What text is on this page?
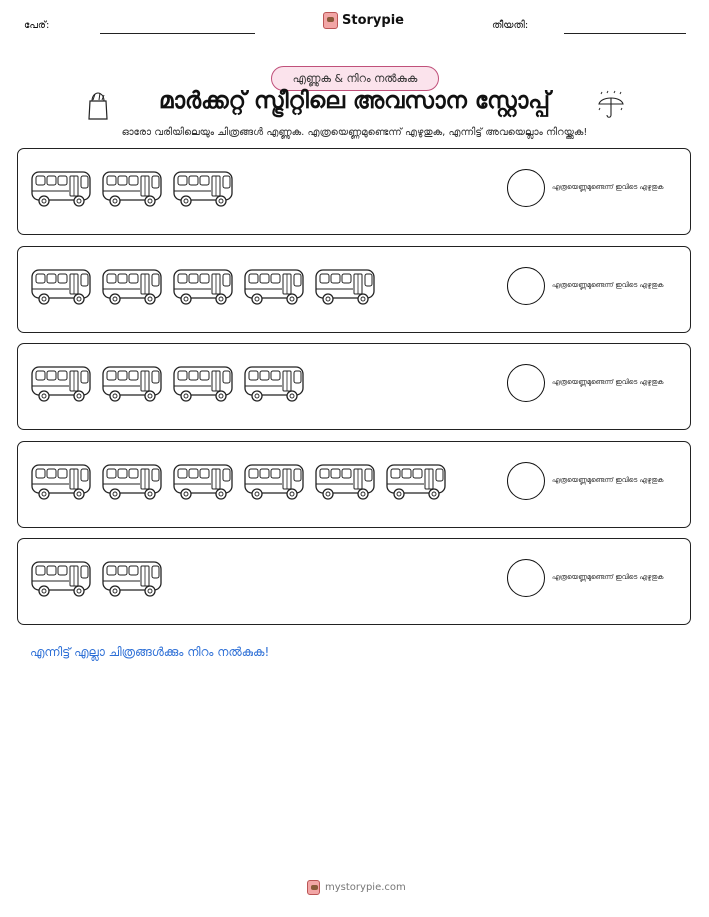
പേര്:	Storypie	തീയതി:
എണ്ണുക & നിറം നൽകുക
മാർക്കറ്റ് സ്ട്രീറ്റിലെ അവസാന സ്റ്റോപ്പ്
ഓരോ വരിയിലെയും ചിത്രങ്ങൾ എണ്ണുക. എത്രയെണ്ണമുണ്ടെന്ന് എഴുതുക, എന്നിട്ട് അവയെല്ലാം നിറയ്ക്കുക!
എത്രയെണ്ണമുണ്ടെന്ന് ഇവിടെ എഴുതുക
എത്രയെണ്ണമുണ്ടെന്ന് ഇവിടെ എഴുതുക
എത്രയെണ്ണമുണ്ടെന്ന് ഇവിടെ എഴുതുക
എത്രയെണ്ണമുണ്ടെന്ന് ഇവിടെ എഴുതുക
എത്രയെണ്ണമുണ്ടെന്ന് ഇവിടെ എഴുതുക
എന്നിട്ട് എല്ലാ ചിത്രങ്ങൾക്കും നിറം നൽകുക!
mystorypie.com
